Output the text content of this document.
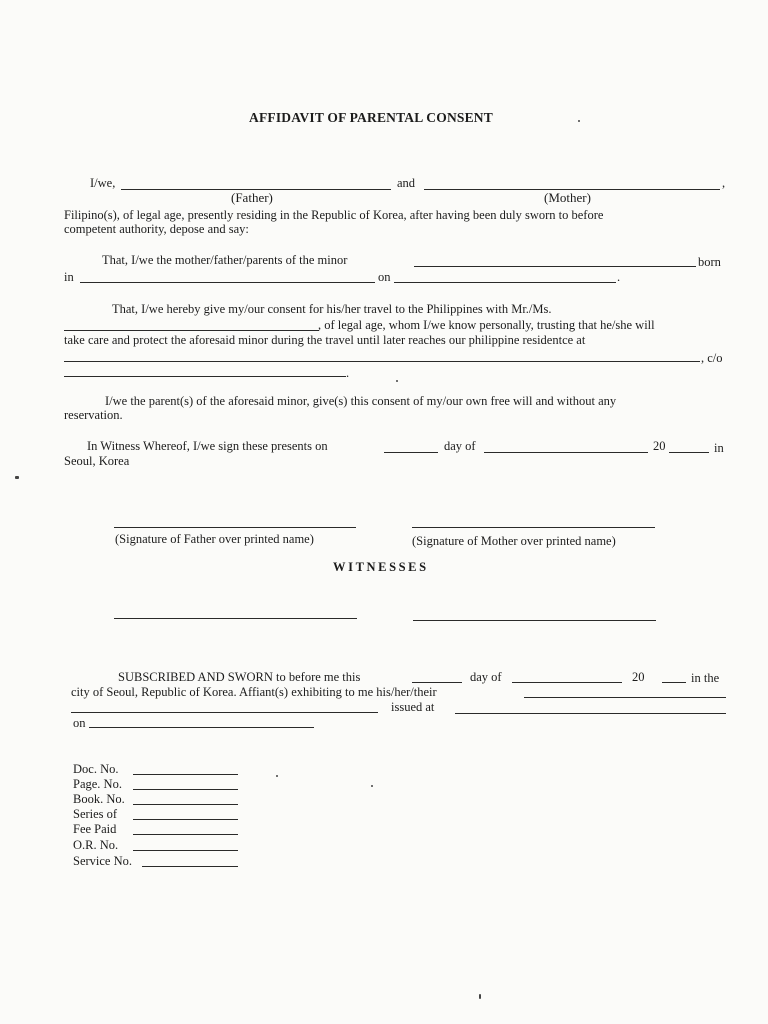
AFFIDAVIT OF PARENTAL CONSENT
I/we,	and	,
(Father)	(Mother)
Filipino(s), of legal age, presently residing in the Republic of Korea, after having been duly sworn to before
competent authority, depose and say:
That, I/we the mother/father/parents of the minor	born
in	on	.
That, I/we hereby give my/our consent for his/her travel to the Philippines with Mr./Ms.
, of legal age, whom I/we know personally, trusting that he/she will
take care and protect the aforesaid minor during the travel until later reaches our philippine residentce at
, c/o
.
I/we the parent(s) of the aforesaid minor, give(s) this consent of my/our own free will and without any
reservation.
In Witness Whereof, I/we sign these presents on	day of	20	in
Seoul, Korea
(Signature of Father over printed name)	(Signature of Mother over printed name)
WITNESSES
SUBSCRIBED AND SWORN to before me this	day of	20	in the
city of Seoul, Republic of Korea. Affiant(s) exhibiting to me his/her/their
issued at
on
Doc. No.
Page. No.
Book. No.
Series of
Fee Paid
O.R. No.
Service No.
